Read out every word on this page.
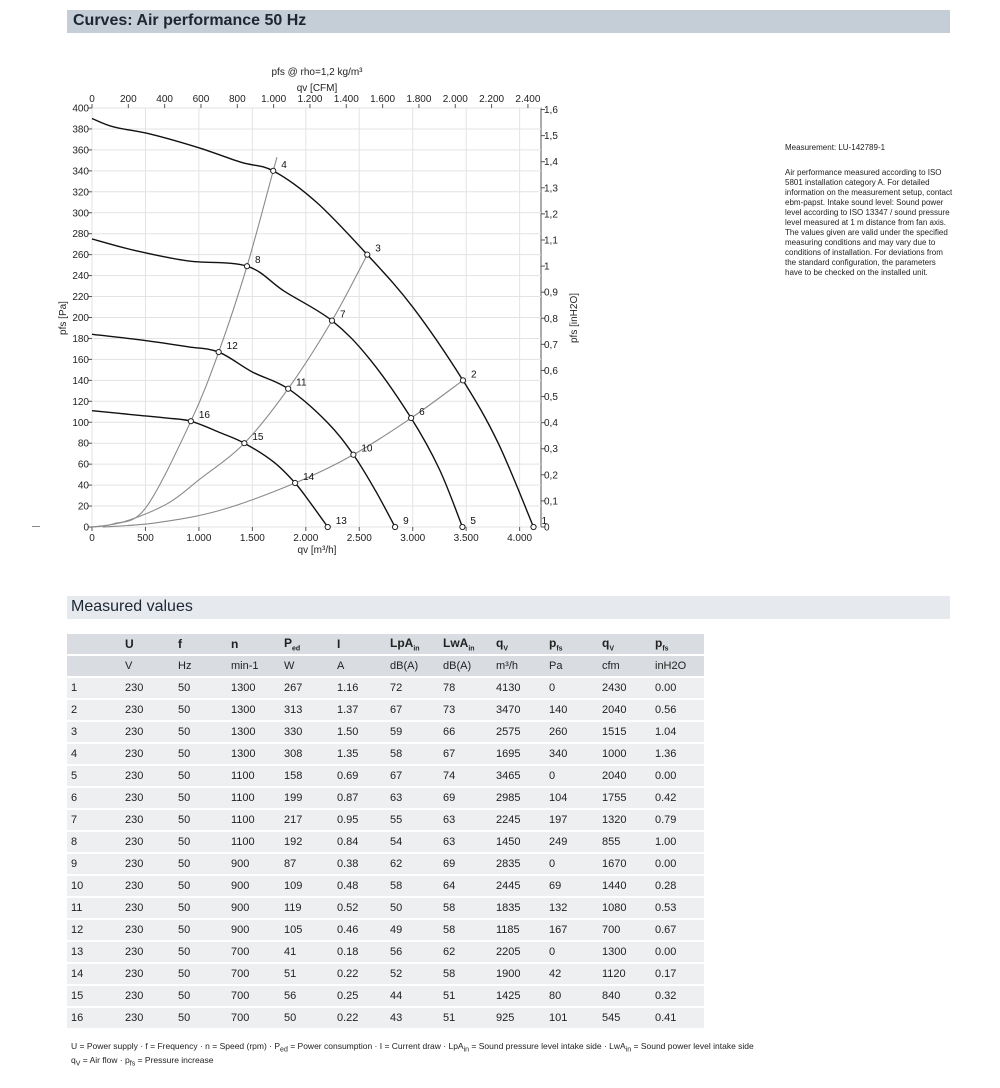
Curves: Air performance 50 Hz
pfs @ rho=1,2 kg/m³
qv [CFM]
qv [m³/h]
pfs [Pa]	pfs [inH2O]
0
20
40
60
80
100
120
140
160
180
200
220
240
260
280
300
320
340
360
380
400
0	500	1.000	1.500	2.000	2.500	3.000	3.500	4.000
0	200 400 600 800 1.000 1.200 1.400 1.600 1.800 2.000 2.200 2.400
0
0,1
0,2
0,3
0,4
0,5
0,6
0,7
0,8
0,9
1
1,1
1,2
1,3
1,4
1,5
1,6
1
2
3
4
5
6
7
8
9
10
11
12
13
14
15
16
Measurement: LU-142789-1
Air performance measured according to ISO 5801 installation category A. For detailed information on the measurement setup, contact ebm-papst. Intake sound level: Sound power level according to ISO 13347 / sound pressure level measured at 1 m distance from fan axis. The values given are valid under the specified measuring conditions and may vary due to conditions of installation. For deviations from the standard configuration, the parameters have to be checked on the installed unit.
Measured values
	U	f	n	$P_{ed}$	I	LpA$_{in}$	LwA$_{in}$	$q_V$	$p_{fs}$	$q_V$	$p_{fs}$
	V	Hz	min-1	W	A	dB(A)	dB(A)	m³/h	Pa	cfm	inH2O
1	230	50	1300	267	1.16	72	78	4130	0	2430	0.00
2	230	50	1300	313	1.37	67	73	3470	140	2040	0.56
3	230	50	1300	330	1.50	59	66	2575	260	1515	1.04
4	230	50	1300	308	1.35	58	67	1695	340	1000	1.36
5	230	50	1100	158	0.69	67	74	3465	0	2040	0.00
6	230	50	1100	199	0.87	63	69	2985	104	1755	0.42
7	230	50	1100	217	0.95	55	63	2245	197	1320	0.79
8	230	50	1100	192	0.84	54	63	1450	249	855	1.00
9	230	50	900	87	0.38	62	69	2835	0	1670	0.00
10	230	50	900	109	0.48	58	64	2445	69	1440	0.28
11	230	50	900	119	0.52	50	58	1835	132	1080	0.53
12	230	50	900	105	0.46	49	58	1185	167	700	0.67
13	230	50	700	41	0.18	56	62	2205	0	1300	0.00
14	230	50	700	51	0.22	52	58	1900	42	1120	0.17
15	230	50	700	56	0.25	44	51	1425	80	840	0.32
16	230	50	700	50	0.22	43	51	925	101	545	0.41
U = Power supply · f = Frequency · n = Speed $(rpm) \cdot P_{ed}$ = Power consumption · I = Current draw · LpA$_{in}$ = Sound pressure level intake side · LwA$_{in}$ = Sound power level intake side
$q_V$ = Air flow · $p_{fs}$ = Pressure increase
